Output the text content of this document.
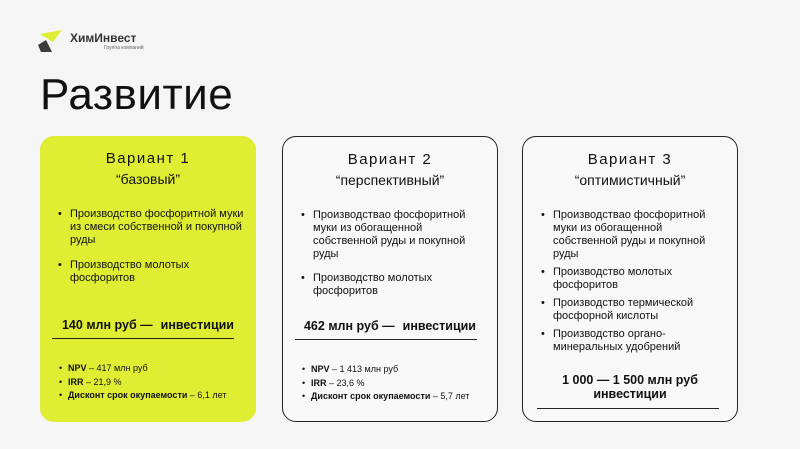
ХимИнвест
Группа компаний
Развитие
Вариант 1
“базовый”
• Производство фосфоритной муки из смеси собственной и покупной руды
• Производство молотых фосфоритов
140 млн руб — инвестиции
• NPV – 417 млн руб
• IRR – 21,9 %
• Дисконт срок окупаемости – 6,1 лет
Вариант 2
“перспективный”
• Производстваo фосфоритной муки из обогащенной собственной руды и покупной руды
• Производство молотых фосфоритов
462 млн руб — инвестиции
• NPV – 1 413 млн руб
• IRR – 23,6 %
• Дисконт срок окупаемости – 5,7 лет
Вариант 3
“оптимистичный”
• Производстваo фосфоритной муки из обогащенной собственной руды и покупной руды
• Производство молотых фосфоритов
• Производство термической фосфорной кислоты
• Производство органо-минеральных удобрений
1 000 — 1 500 млн руб
инвестиции
